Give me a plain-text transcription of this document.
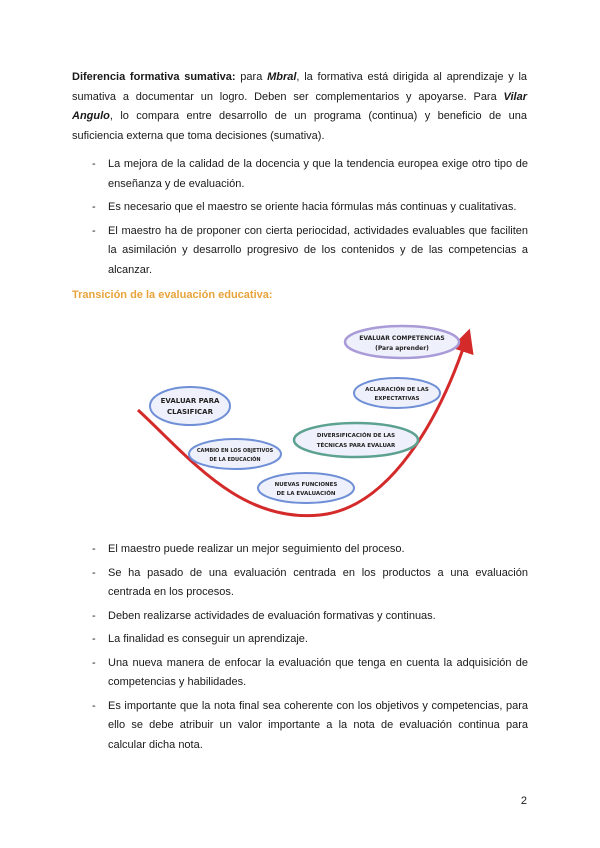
Diferencia formativa sumativa: para Mbral, la formativa está dirigida al aprendizaje y la sumativa a documentar un logro. Deben ser complementarios y apoyarse. Para Vilar Angulo, lo compara entre desarrollo de un programa (continua) y beneficio de una suficiencia externa que toma decisiones (sumativa).

- La mejora de la calidad de la docencia y que la tendencia europea exige otro tipo de enseñanza y de evaluación.
- Es necesario que el maestro se oriente hacia fórmulas más continuas y cualitativas.
- El maestro ha de proponer con cierta periocidad, actividades evaluables que faciliten la asimilación y desarrollo progresivo de los contenidos y de las competencias a alcanzar.
Transición de la evaluación educativa:
EVALUAR PARA
CLASIFICAR
CAMBIO EN LOS OBJETIVOS
DE LA EDUCACIÓN
NUEVAS FUNCIONES
DE LA EVALUACIÓN
DIVERSIFICACIÓN DE LAS
TÉCNICAS PARA EVALUAR
ACLARACIÓN DE LAS
EXPECTATIVAS
EVALUAR COMPETENCIAS
(Para aprender)
- El maestro puede realizar un mejor seguimiento del proceso.
- Se ha pasado de una evaluación centrada en los productos a una evaluación centrada en los procesos.
- Deben realizarse actividades de evaluación formativas y continuas.
- La finalidad es conseguir un aprendizaje.
- Una nueva manera de enfocar la evaluación que tenga en cuenta la adquisición de competencias y habilidades.
- Es importante que la nota final sea coherente con los objetivos y competencias, para ello se debe atribuir un valor importante a la nota de evaluación continua para calcular dicha nota.
2
